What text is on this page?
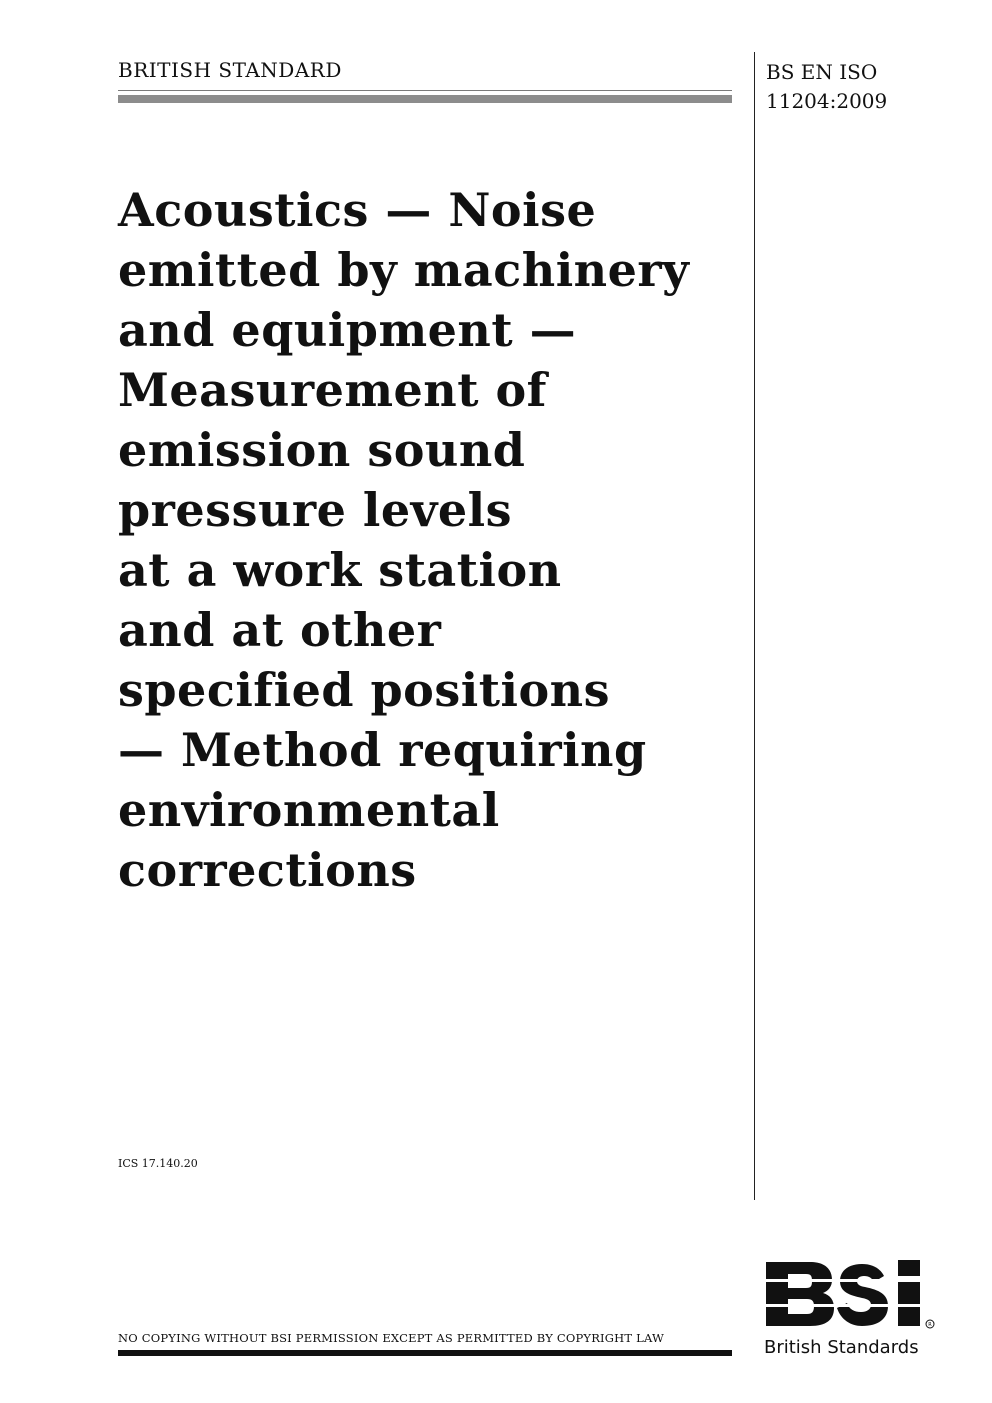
BRITISH STANDARD	BS EN ISO
11204:2009
Acoustics — Noise
emitted by machinery
and equipment —
Measurement of
emission sound
pressure levels
at a work station
and at other
specified positions
— Method requiring
environmental
corrections
ICS 17.140.20
NO COPYING WITHOUT BSI PERMISSION EXCEPT AS PERMITTED BY COPYRIGHT LAW
R
British Standards
